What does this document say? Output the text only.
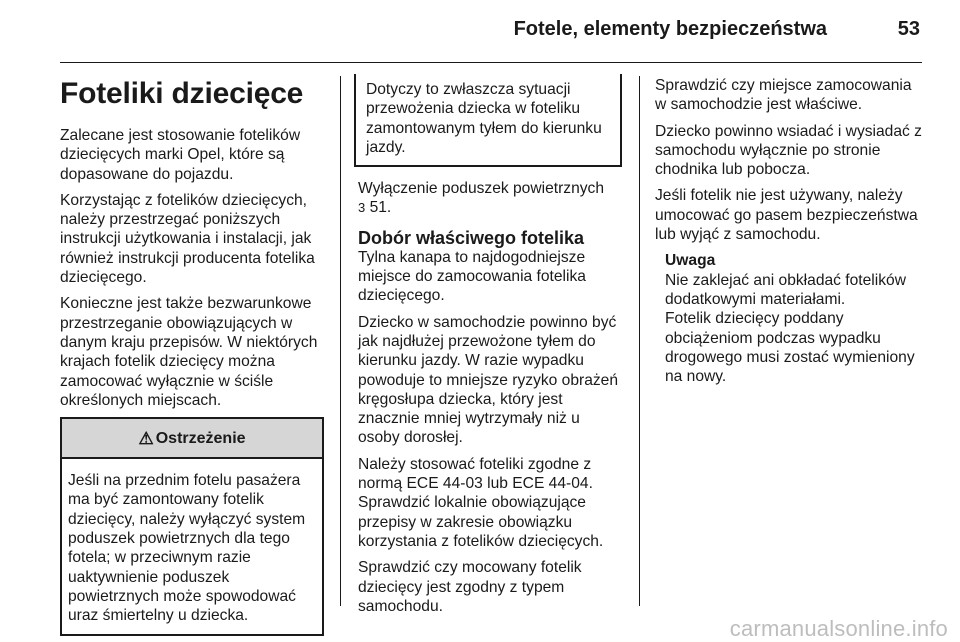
Fotele, elementy bezpieczeństwa	53
Foteliki dziecięce

Zalecane jest stosowanie fotelików dziecięcych marki Opel, które są dopasowane do pojazdu.

Korzystając z fotelików dziecięcych, należy przestrzegać poniższych instrukcji użytkowania i instalacji, jak również instrukcji producenta fotelika dziecięcego.

Konieczne jest także bezwarunkowe przestrzeganie obowiązujących w danym kraju przepisów. W niektórych krajach fotelik dziecięcy można zamocować wyłącznie w ściśle określonych miejscach.

⚠ Ostrzeżenie
Jeśli na przednim fotelu pasażera ma być zamontowany fotelik dziecięcy, należy wyłączyć system poduszek powietrznych dla tego fotela; w przeciwnym razie uaktywnienie poduszek powietrznych może spowodować uraz śmiertelny u dziecka.

Dotyczy to zwłaszcza sytuacji przewożenia dziecka w foteliku zamontowanym tyłem do kierunku jazdy.

Wyłączenie poduszek powietrznych
3 51.

Dobór właściwego fotelika

Tylna kanapa to najdogodniejsze miejsce do zamocowania fotelika dziecięcego.

Dziecko w samochodzie powinno być jak najdłużej przewożone tyłem do kierunku jazdy. W razie wypadku powoduje to mniejsze ryzyko obrażeń kręgosłupa dziecka, który jest znacznie mniej wytrzymały niż u osoby dorosłej.

Należy stosować foteliki zgodne z normą ECE 44-03 lub ECE 44-04. Sprawdzić lokalnie obowiązujące przepisy w zakresie obowiązku korzystania z fotelików dziecięcych.

Sprawdzić czy mocowany fotelik dziecięcy jest zgodny z typem samochodu.

Sprawdzić czy miejsce zamocowania w samochodzie jest właściwe.

Dziecko powinno wsiadać i wysiadać z samochodu wyłącznie po stronie chodnika lub pobocza.

Jeśli fotelik nie jest używany, należy umocować go pasem bezpieczeństwa lub wyjąć z samochodu.

Uwaga
Nie zaklejać ani obkładać fotelików dodatkowymi materiałami.

Fotelik dziecięcy poddany obciążeniom podczas wypadku drogowego musi zostać wymieniony na nowy.

carmanualsonline.info
